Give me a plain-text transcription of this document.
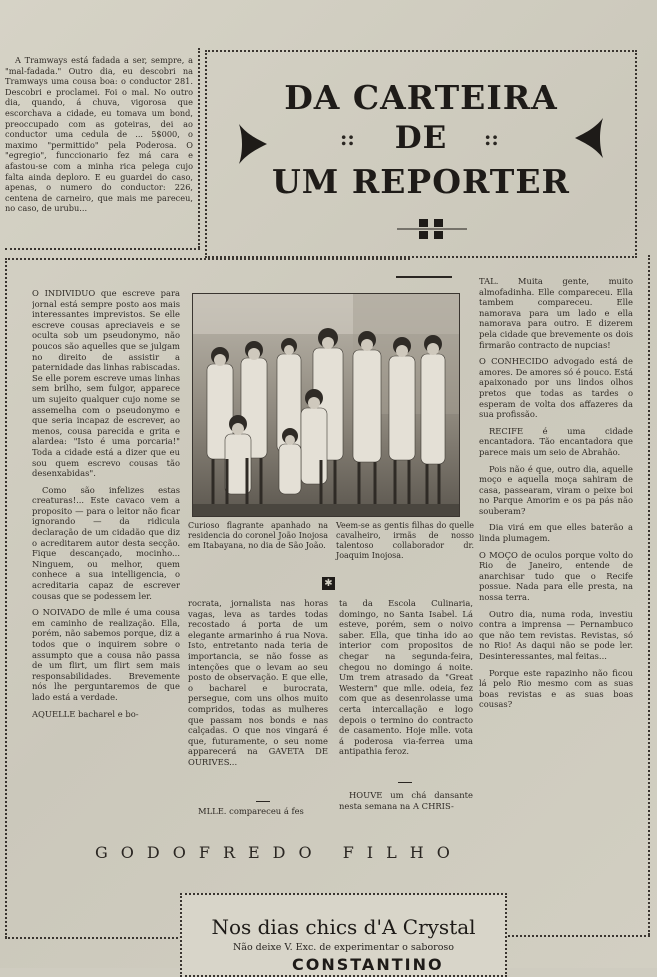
A Tramways está fadada a ser, sempre, a "mal-fadada." Outro dia, eu descobri na Tramways uma cousa boa: o conductor 281. Descobri e proclamei. Foi o mal. No outro dia, quando, á chuva, vigorosa que escorchava a cidade, eu tomava um bond, preoccupado com as goteiras, dei ao conductor uma cedula de ... 5$000, o maximo "permittido" pela Poderosa. O "egregio", funccionario fez má cara e afastou-se com a minha rica pelega cujo falta ainda deploro. E eu guardei do caso, apenas, o numero do conductor: 226, centena de carneiro, que mais me pareceu, no caso, de urubu...

DA CARTEIRA
DE
UM REPORTER
::	::

O INDIVIDUO que escreve para jornal está sempre posto aos mais interessantes imprevistos. Se elle escreve cousas apreciaveis e se oculta sob um pseudonymo, não poucos são aquelles que se julgam no direito de assistir a paternidade das linhas rabiscadas. Se elle porem escreve umas linhas sem brilho, sem fulgor, apparece um sujeito qualquer cujo nome se assemelha com o pseudonymo e que seria incapaz de escrever, ao menos, cousa parecida e grita e alardea: "Isto é uma porcaria!" Toda a cidade está a dizer que eu sou quem escrevo cousas tão desenxabidas".

Como são infelizes estas creaturas!... Este cavaco vem a proposito — para o leitor não ficar ignorando — da ridicula declaração de um cidadão que diz o acreditarem autor desta secção. Fique descançado, mocinho... Ninguem, ou melhor, quem conhece a sua intelligencia, o acreditaria capaz de escrever cousas que se podessem ler.

O NOIVADO de mlle é uma cousa em caminho de realização. Ella, porém, não sabemos porque, diz a todos que o inquirem sobre o assumpto que a cousa não passa de um flirt, um flirt sem mais responsabilidades. Brevemente nós lhe perguntaremos de que lado está a verdade.

AQUELLE bacharel e bo-

Curioso flagrante apanhado na residencia do coronel João Inojosa em Itabayana, no dia de São João.
Veem-se as gentis filhas do quelle cavalheiro, irmãs de nosso talentoso collaborador dr. Joaquim Inojosa.
✱

rocrata, jornalista nas horas vagas, leva as tardes todas recostado á porta de um elegante armarinho á rua Nova. Isto, entretanto nada teria de importancia, se não fosse as intenções que o levam ao seu posto de observação. E que elle, o bacharel e burocrata, persegue, com uns olhos muito compridos, todas as mulheres que passam nos bonds e nas calçadas. O que nos vingará é que, futuramente, o seu nome apparecerá na GAVETA DE OURIVES...

MLLE. compareceu á fes

ta da Escola Culinaria, domingo, no Santa Isabel. Lá esteve, porém, sem o noivo saber. Ella, que tinha ido ao interior com propositos de chegar na segunda-feira, chegou no domingo á noite. Um trem atrasado da "Great Western" que mlle. odeia, fez com que as desenrolasse uma certa intercallação e logo depois o termino do contracto de casamento. Hoje mlle. vota á poderosa via-ferrea uma antipathia feroz.

HOUVE um chá dansante nesta semana na A CHRIS-

TAL. Muita gente, muito almofadinha. Elle compareceu. Ella tambem compareceu. Elle namorava para um lado e ella namorava para outro. E dizerem pela cidade que brevemente os dois firmarão contracto de nupcias!

O CONHECIDO advogado está de amores. De amores só é pouco. Está apaixonado por uns lindos olhos pretos que todas as tardes o esperam de volta dos affazeres da sua profissão.

RECIFE é uma cidade encantadora. Tão encantadora que parece mais um seio de Abrahão.

Pois não é que, outro dia, aquelle moço e aquella moça sahiram de casa, passearam, viram o peixe boi no Parque Amorim e os pa pás não souberam?

Dia virá em que elles baterão a linda plumagem.

O MOÇO de oculos porque volto do Rio de Janeiro, entende de anarchisar tudo que o Recife possue. Nada para elle presta, na nossa terra.

Outro dia, numa roda, investiu contra a imprensa — Pernambuco que não tem revistas. Revistas, só no Rio! As daqui não se pode ler. Desinteressantes, mal feitas...

Porque este rapazinho não ficou lá pelo Rio mesmo com as suas boas revistas e as suas boas cousas?

GODOFREDO FILHO
Nos dias chics d'A Crystal
Não deixe V. Exc. de experimentar o saboroso
CONSTANTINO
